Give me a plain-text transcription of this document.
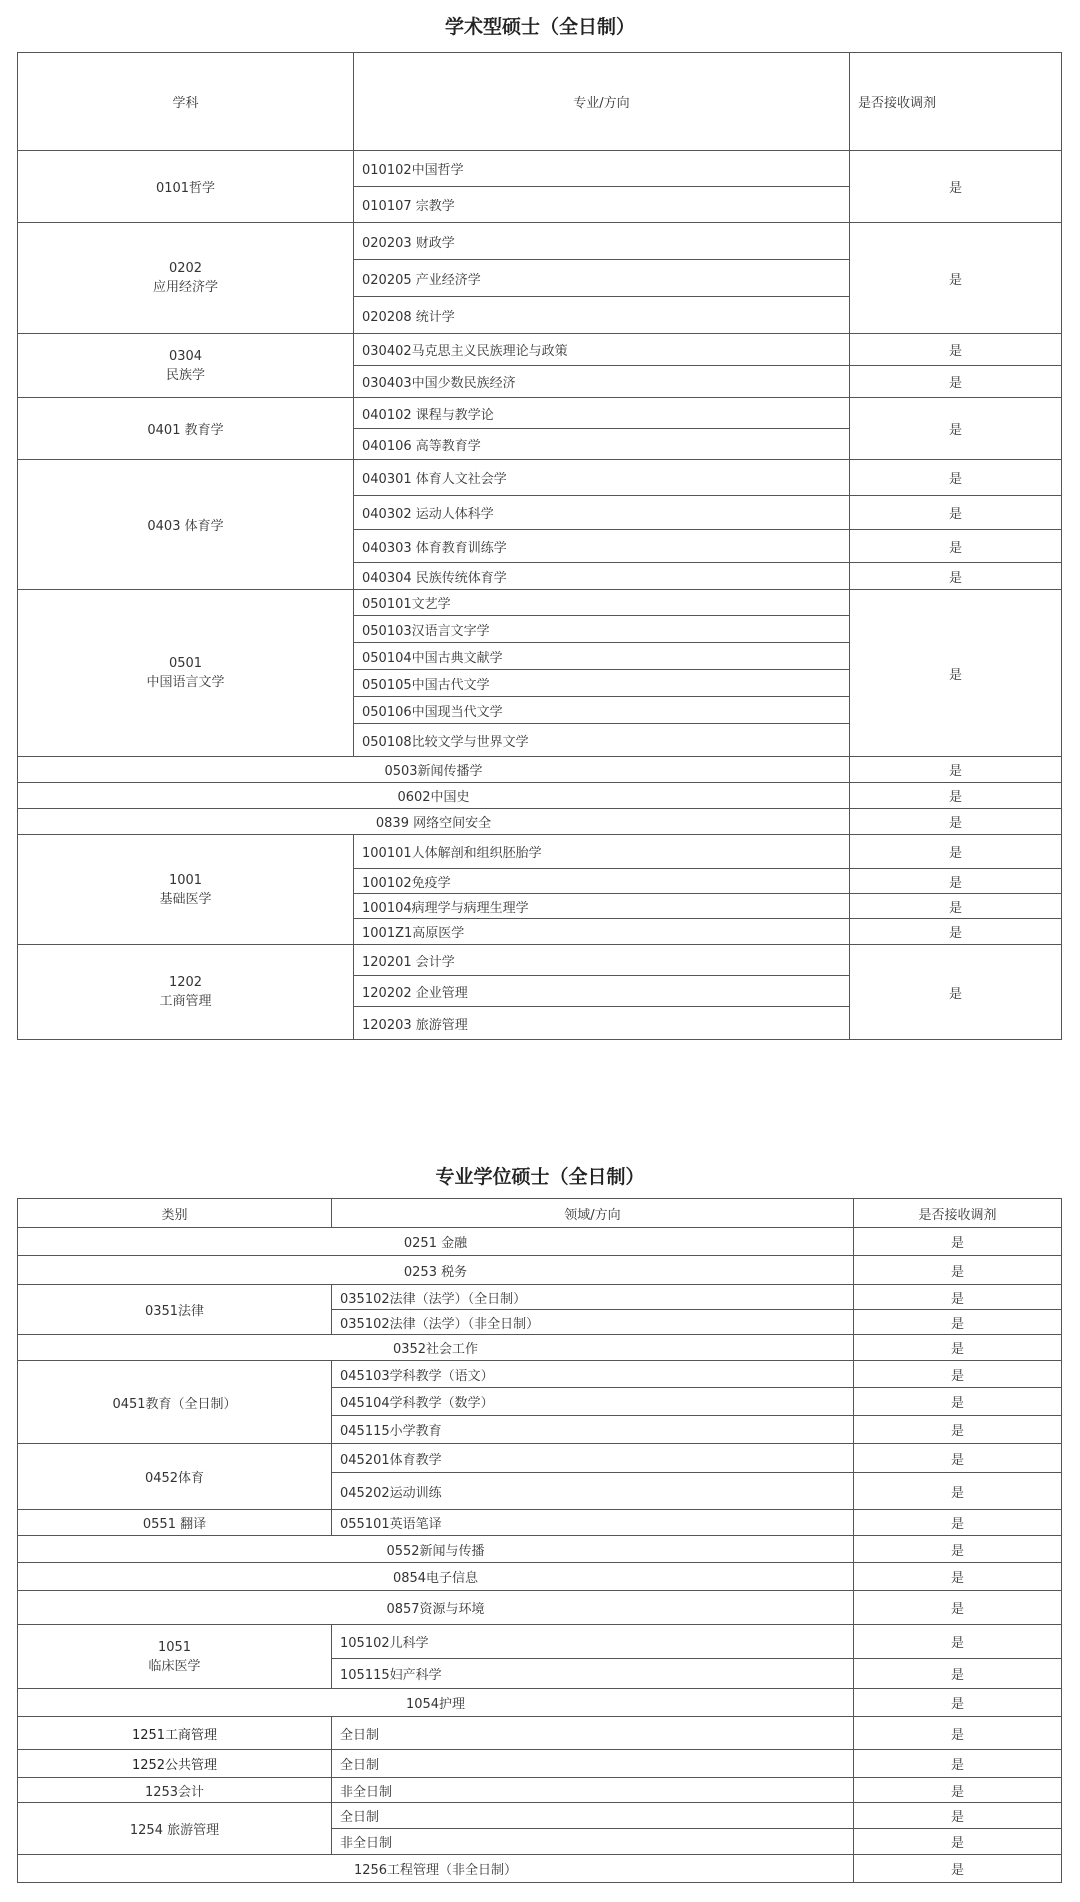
学术型硕士（全日制）
学科	专业/方向	是否接收调剂
0101哲学	010102中国哲学	是
	010107 宗教学	
0202
应用经济学	020203 财政学	是
	020205 产业经济学	
	020208 统计学	
0304
民族学	030402马克思主义民族理论与政策	是
	030403中国少数民族经济	是
0401 教育学	040102 课程与教学论	是
	040106 高等教育学	
0403 体育学	040301 体育人文社会学	是
	040302 运动人体科学	是
	040303 体育教育训练学	是
	040304 民族传统体育学	是
0501
中国语言文学	050101文艺学	是
	050103汉语言文字学	
	050104中国古典文献学	
	050105中国古代文学	
	050106中国现当代文学	
	050108比较文学与世界文学	
0503新闻传播学		是
0602中国史		是
0839 网络空间安全		是
1001
基础医学	100101人体解剖和组织胚胎学	是
	100102免疫学	是
	100104病理学与病理生理学	是
	1001Z1高原医学	是
1202
工商管理	120201 会计学	是
	120202 企业管理	
	120203 旅游管理	
专业学位硕士（全日制）
类别	领域/方向	是否接收调剂
0251 金融		是
0253 税务		是
0351法律	035102法律（法学）（全日制）	是
	035102法律（法学）（非全日制）	是
0352社会工作		是
0451教育（全日制）	045103学科教学（语文）	是
	045104学科教学（数学）	是
	045115小学教育	是
0452体育	045201体育教学	是
	045202运动训练	是
0551 翻译	055101英语笔译	是
0552新闻与传播		是
0854电子信息		是
0857资源与环境		是
1051
临床医学	105102儿科学	是
	105115妇产科学	是
1054护理		是
1251工商管理	全日制	是
1252公共管理	全日制	是
1253会计	非全日制	是
1254 旅游管理	全日制	是
	非全日制	是
1256工程管理（非全日制）		是
